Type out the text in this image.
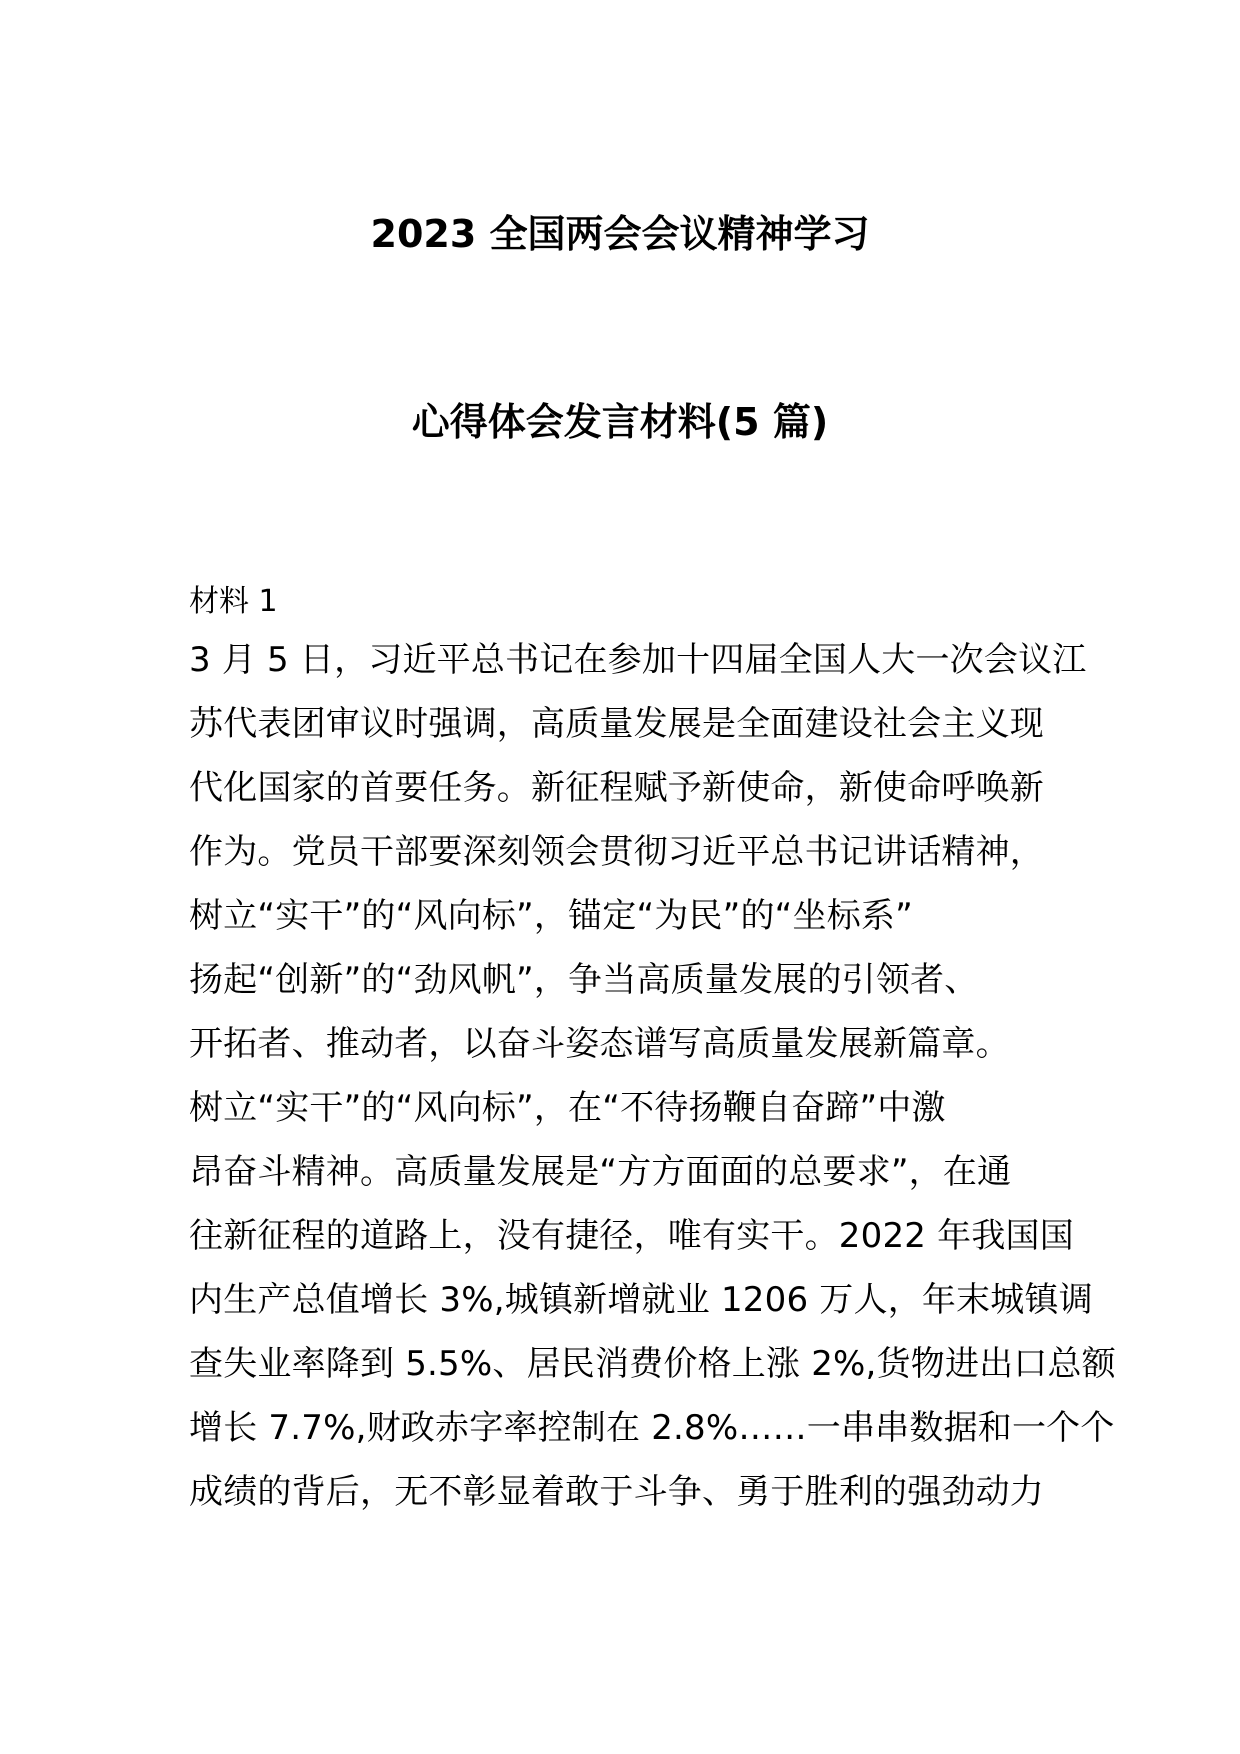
2023 全国两会会议精神学习
心得体会发言材料(5 篇)
材料 1
3 月 5 日，习近平总书记在参加十四届全国人大一次会议江
苏代表团审议时强调，高质量发展是全面建设社会主义现
代化国家的首要任务。新征程赋予新使命，新使命呼唤新
作为。党员干部要深刻领会贯彻习近平总书记讲话精神，
树立“实干”的“风向标”，锚定“为民”的“坐标系”
扬起“创新”的“劲风帆”，争当高质量发展的引领者、
开拓者、推动者，以奋斗姿态谱写高质量发展新篇章。
树立“实干”的“风向标”，在“不待扬鞭自奋蹄”中激
昂奋斗精神。高质量发展是“方方面面的总要求”，在通
往新征程的道路上，没有捷径，唯有实干。2022 年我国国
内生产总值增长 3%,城镇新增就业 1206 万人，年末城镇调
查失业率降到 5.5%、居民消费价格上涨 2%,货物进出口总额
增长 7.7%,财政赤字率控制在 2.8%……一串串数据和一个个
成绩的背后，无不彰显着敢于斗争、勇于胜利的强劲动力
